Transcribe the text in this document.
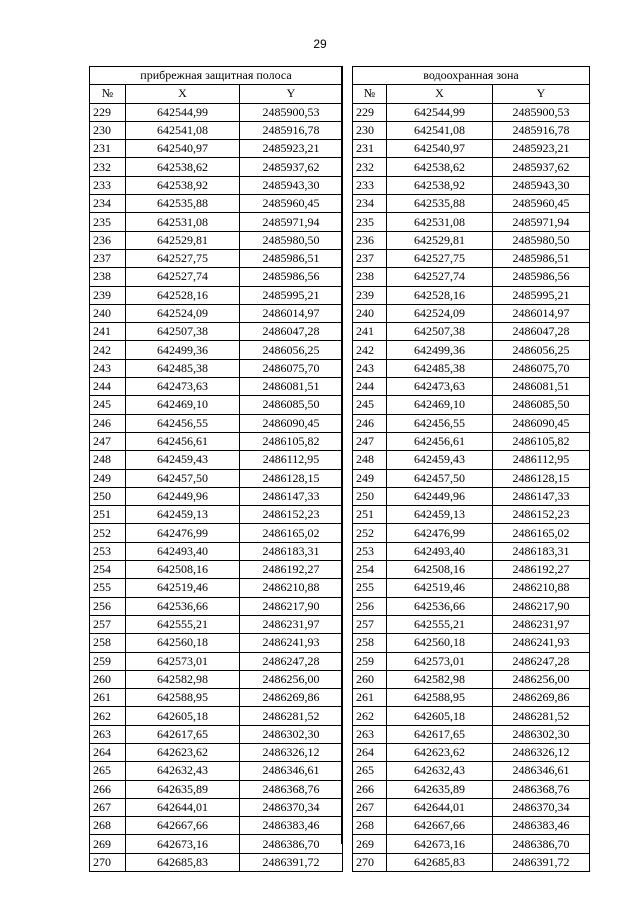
29
прибрежная защитная полоса		
№	X	Y
229	642544,99	2485900,53
230	642541,08	2485916,78
231	642540,97	2485923,21
232	642538,62	2485937,62
233	642538,92	2485943,30
234	642535,88	2485960,45
235	642531,08	2485971,94
236	642529,81	2485980,50
237	642527,75	2485986,51
238	642527,74	2485986,56
239	642528,16	2485995,21
240	642524,09	2486014,97
241	642507,38	2486047,28
242	642499,36	2486056,25
243	642485,38	2486075,70
244	642473,63	2486081,51
245	642469,10	2486085,50
246	642456,55	2486090,45
247	642456,61	2486105,82
248	642459,43	2486112,95
249	642457,50	2486128,15
250	642449,96	2486147,33
251	642459,13	2486152,23
252	642476,99	2486165,02
253	642493,40	2486183,31
254	642508,16	2486192,27
255	642519,46	2486210,88
256	642536,66	2486217,90
257	642555,21	2486231,97
258	642560,18	2486241,93
259	642573,01	2486247,28
260	642582,98	2486256,00
261	642588,95	2486269,86
262	642605,18	2486281,52
263	642617,65	2486302,30
264	642623,62	2486326,12
265	642632,43	2486346,61
266	642635,89	2486368,76
267	642644,01	2486370,34
268	642667,66	2486383,46
269	642673,16	2486386,70
270	642685,83	2486391,72
водоохранная зона		
№	X	Y
229	642544,99	2485900,53
230	642541,08	2485916,78
231	642540,97	2485923,21
232	642538,62	2485937,62
233	642538,92	2485943,30
234	642535,88	2485960,45
235	642531,08	2485971,94
236	642529,81	2485980,50
237	642527,75	2485986,51
238	642527,74	2485986,56
239	642528,16	2485995,21
240	642524,09	2486014,97
241	642507,38	2486047,28
242	642499,36	2486056,25
243	642485,38	2486075,70
244	642473,63	2486081,51
245	642469,10	2486085,50
246	642456,55	2486090,45
247	642456,61	2486105,82
248	642459,43	2486112,95
249	642457,50	2486128,15
250	642449,96	2486147,33
251	642459,13	2486152,23
252	642476,99	2486165,02
253	642493,40	2486183,31
254	642508,16	2486192,27
255	642519,46	2486210,88
256	642536,66	2486217,90
257	642555,21	2486231,97
258	642560,18	2486241,93
259	642573,01	2486247,28
260	642582,98	2486256,00
261	642588,95	2486269,86
262	642605,18	2486281,52
263	642617,65	2486302,30
264	642623,62	2486326,12
265	642632,43	2486346,61
266	642635,89	2486368,76
267	642644,01	2486370,34
268	642667,66	2486383,46
269	642673,16	2486386,70
270	642685,83	2486391,72
